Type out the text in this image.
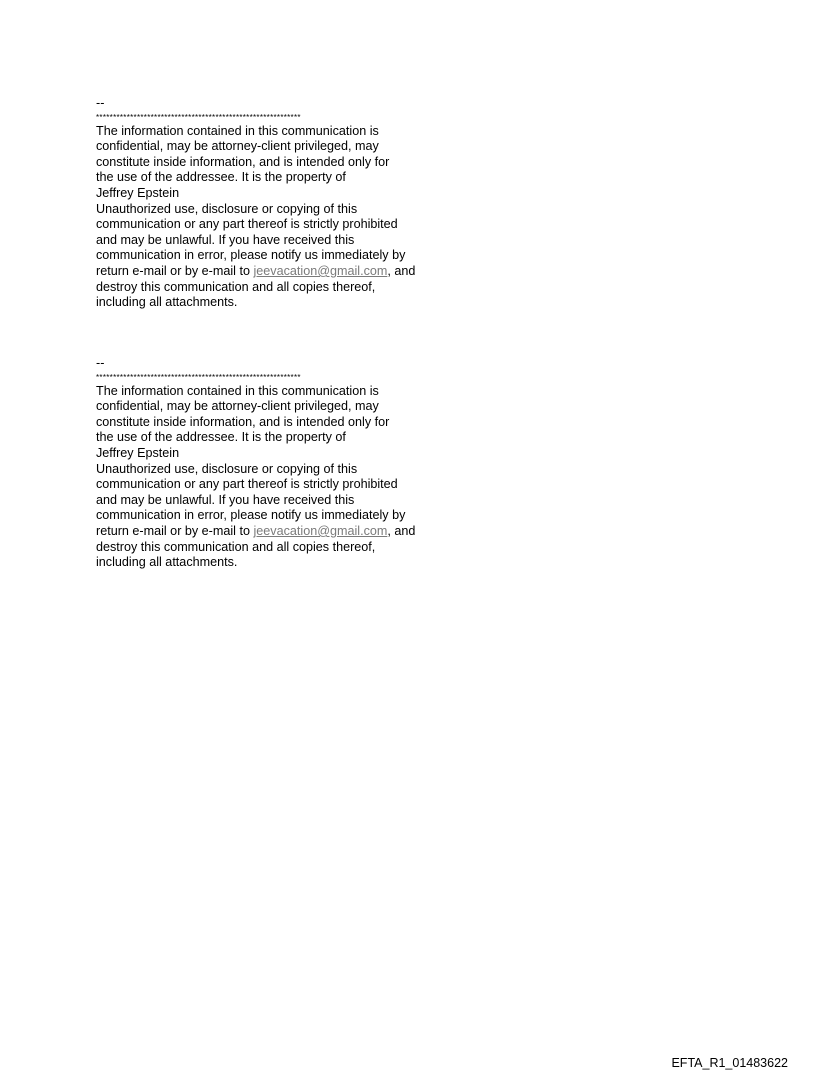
--
************************************************************
The information contained in this communication is
confidential, may be attorney-client privileged, may
constitute inside information, and is intended only for
the use of the addressee. It is the property of
Jeffrey Epstein
Unauthorized use, disclosure or copying of this
communication or any part thereof is strictly prohibited
and may be unlawful. If you have received this
communication in error, please notify us immediately by
return e-mail or by e-mail to jeevacation@gmail.com, and
destroy this communication and all copies thereof,
including all attachments.
--
************************************************************
The information contained in this communication is
confidential, may be attorney-client privileged, may
constitute inside information, and is intended only for
the use of the addressee. It is the property of
Jeffrey Epstein
Unauthorized use, disclosure or copying of this
communication or any part thereof is strictly prohibited
and may be unlawful. If you have received this
communication in error, please notify us immediately by
return e-mail or by e-mail to jeevacation@gmail.com, and
destroy this communication and all copies thereof,
including all attachments.
EFTA_R1_01483622
